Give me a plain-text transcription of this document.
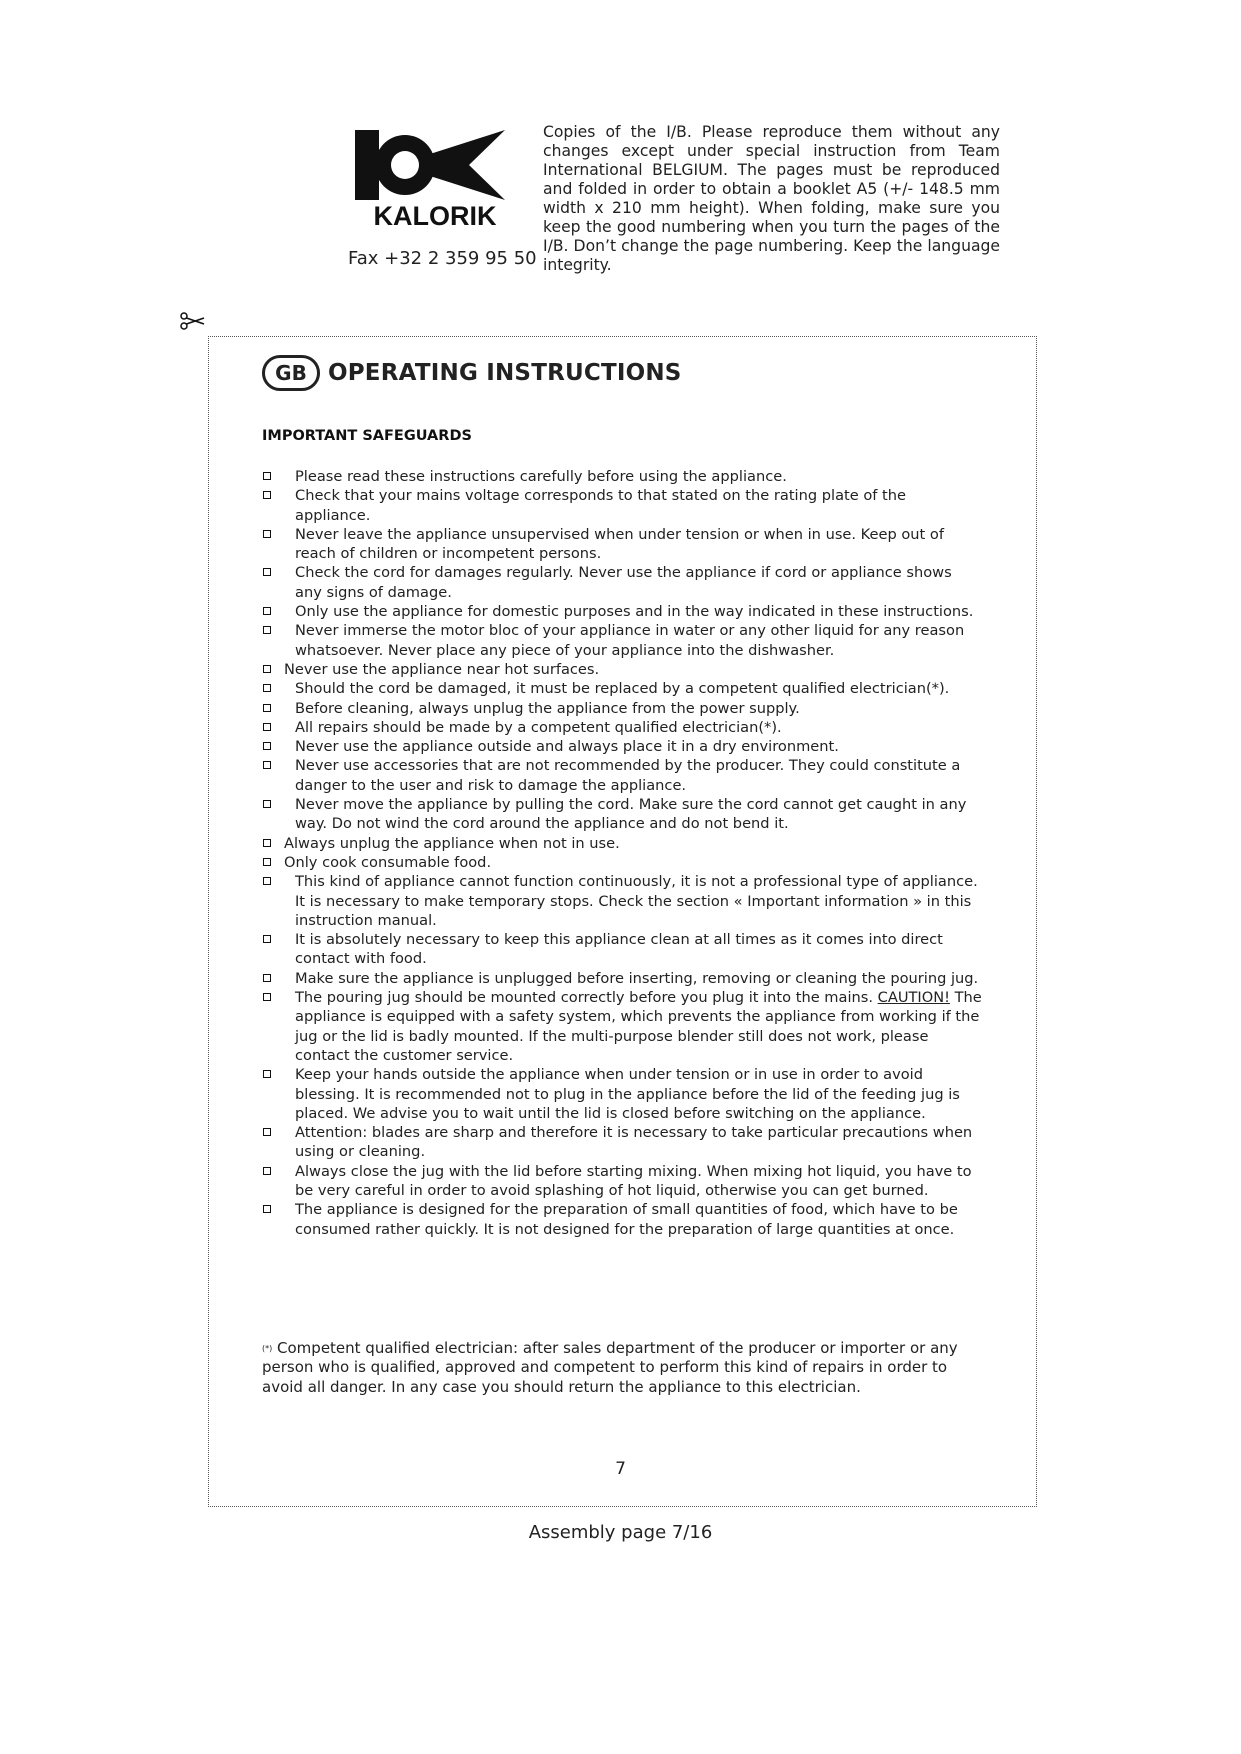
KALORIK
Fax +32 2 359 95 50
Copies of the I/B. Please reproduce them without any changes except under special instruction from Team International BELGIUM. The pages must be reproduced and folded in order to obtain a booklet A5 (+/- 148.5 mm width x 210 mm height). When folding, make sure you keep the good numbering when you turn the pages of the I/B. Don’t change the page numbering. Keep the language integrity.
GB OPERATING INSTRUCTIONS
IMPORTANT SAFEGUARDS
Please read these instructions carefully before using the appliance.
Check that your mains voltage corresponds to that stated on the rating plate of the appliance.
Never leave the appliance unsupervised when under tension or when in use. Keep out of reach of children or incompetent persons.
Check the cord for damages regularly. Never use the appliance if cord or appliance shows any signs of damage.
Only use the appliance for domestic purposes and in the way indicated in these instructions.
Never immerse the motor bloc of your appliance in water or any other liquid for any reason whatsoever. Never place any piece of your appliance into the dishwasher.
Never use the appliance near hot surfaces.
Should the cord be damaged, it must be replaced by a competent qualified electrician(*).
Before cleaning, always unplug the appliance from the power supply.
All repairs should be made by a competent qualified electrician(*).
Never use the appliance outside and always place it in a dry environment.
Never use accessories that are not recommended by the producer. They could constitute a danger to the user and risk to damage the appliance.
Never move the appliance by pulling the cord. Make sure the cord cannot get caught in any way. Do not wind the cord around the appliance and do not bend it.
Always unplug the appliance when not in use.
Only cook consumable food.
This kind of appliance cannot function continuously, it is not a professional type of appliance. It is necessary to make temporary stops. Check the section « Important information » in this instruction manual.
It is absolutely necessary to keep this appliance clean at all times as it comes into direct contact with food.
Make sure the appliance is unplugged before inserting, removing or cleaning the pouring jug.
The pouring jug should be mounted correctly before you plug it into the mains. CAUTION! The appliance is equipped with a safety system, which prevents the appliance from working if the jug or the lid is badly mounted. If the multi-purpose blender still does not work, please contact the customer service.
Keep your hands outside the appliance when under tension or in use in order to avoid blessing. It is recommended not to plug in the appliance before the lid of the feeding jug is placed. We advise you to wait until the lid is closed before switching on the appliance.
Attention: blades are sharp and therefore it is necessary to take particular precautions when using or cleaning.
Always close the jug with the lid before starting mixing. When mixing hot liquid, you have to be very careful in order to avoid splashing of hot liquid, otherwise you can get burned.
The appliance is designed for the preparation of small quantities of food, which have to be consumed rather quickly. It is not designed for the preparation of large quantities at once.
(*) Competent qualified electrician: after sales department of the producer or importer or any person who is qualified, approved and competent to perform this kind of repairs in order to avoid all danger. In any case you should return the appliance to this electrician.
7
Assembly page 7/16
